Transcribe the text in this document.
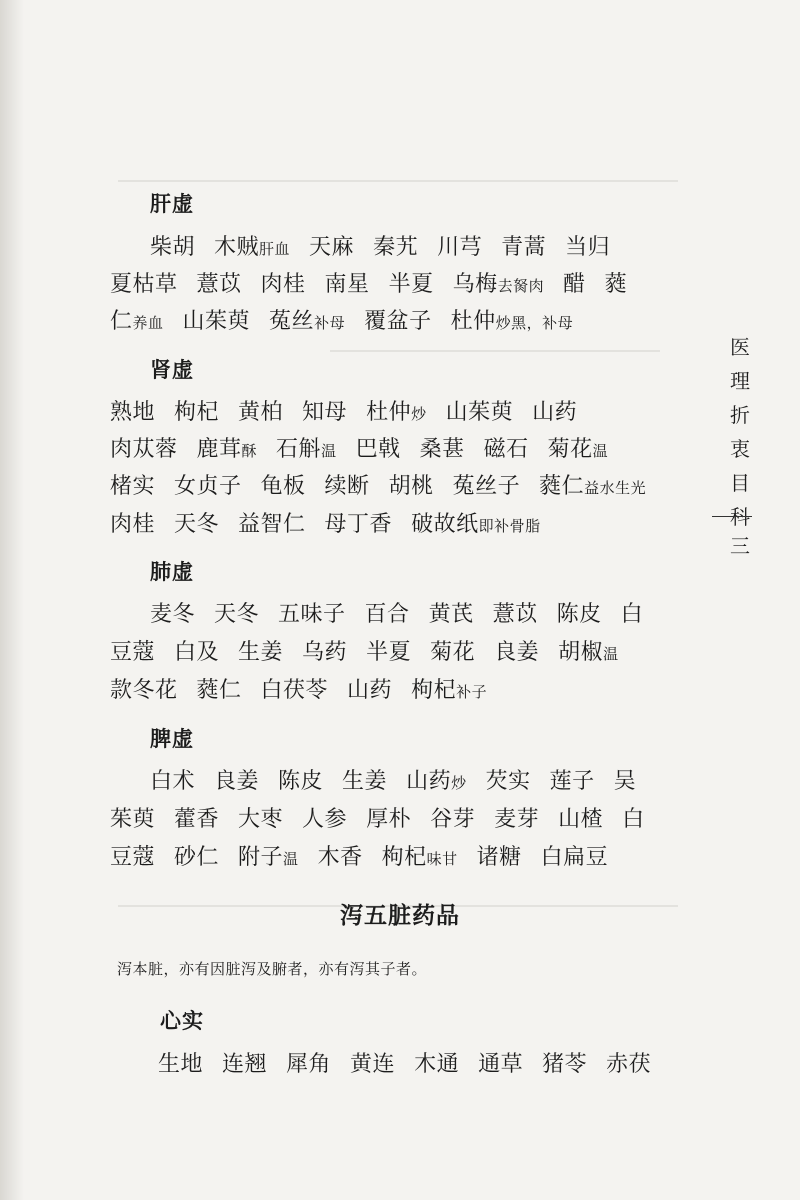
肝虚
柴胡 木贼肝血 天麻 秦艽 川芎 青蒿 当归
夏枯草 薏苡 肉桂 南星 半夏 乌梅去胬肉 醋 蕤
仁养血 山茱萸 菟丝补母 覆盆子 杜仲炒黑，补母
肾虚
熟地 枸杞 黄柏 知母 杜仲炒 山茱萸 山药
肉苁蓉 鹿茸酥 石斛温 巴戟 桑葚 磁石 菊花温
楮实 女贞子 龟板 续断 胡桃 菟丝子 蕤仁益水生光
肉桂 天冬 益智仁 母丁香 破故纸即补骨脂
肺虚
麦冬 天冬 五味子 百合 黄芪 薏苡 陈皮 白
豆蔻 白及 生姜 乌药 半夏 菊花 良姜 胡椒温
款冬花 蕤仁 白茯苓 山药 枸杞补子
脾虚
白术 良姜 陈皮 生姜 山药炒 芡实 莲子 吴
茱萸 藿香 大枣 人参 厚朴 谷芽 麦芽 山楂 白
豆蔻 砂仁 附子温 木香 枸杞味甘 诸糖 白扁豆
心实
生地 连翘 犀角 黄连 木通 通草 猪苓 赤茯
泻五脏药品
泻本脏，亦有因脏泻及腑者，亦有泻其子者。
医
理
折
衷
目
科
三
